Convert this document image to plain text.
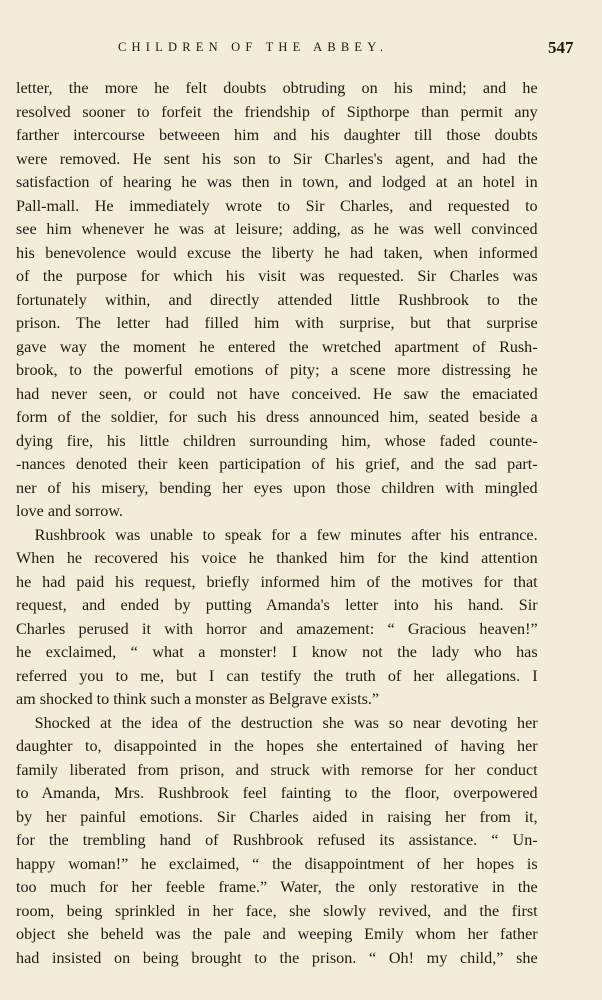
CHILDREN OF THE ABBEY.	547
letter, the more he felt doubts obtruding on his mind; and he
resolved sooner to forfeit the friendship of Sipthorpe than permit any
farther intercourse betweeen him and his daughter till those doubts
were removed. He sent his son to Sir Charles's agent, and had the
satisfaction of hearing he was then in town, and lodged at an hotel in
Pall-mall. He immediately wrote to Sir Charles, and requested to
see him whenever he was at leisure; adding, as he was well convinced
his benevolence would excuse the liberty he had taken, when informed
of the purpose for which his visit was requested. Sir Charles was
fortunately within, and directly attended little Rushbrook to the
prison. The letter had filled him with surprise, but that surprise
gave way the moment he entered the wretched apartment of Rush-
brook, to the powerful emotions of pity; a scene more distressing he
had never seen, or could not have conceived. He saw the emaciated
form of the soldier, for such his dress announced him, seated beside a
dying fire, his little children surrounding him, whose faded counte-
-nances denoted their keen participation of his grief, and the sad part-
ner of his misery, bending her eyes upon those children with mingled
love and sorrow.
Rushbrook was unable to speak for a few minutes after his entrance.
When he recovered his voice he thanked him for the kind attention
he had paid his request, briefly informed him of the motives for that
request, and ended by putting Amanda's letter into his hand. Sir
Charles perused it with horror and amazement: “ Gracious heaven!”
he exclaimed, “ what a monster! I know not the lady who has
referred you to me, but I can testify the truth of her allegations. I
am shocked to think such a monster as Belgrave exists.”
Shocked at the idea of the destruction she was so near devoting her
daughter to, disappointed in the hopes she entertained of having her
family liberated from prison, and struck with remorse for her conduct
to Amanda, Mrs. Rushbrook feel fainting to the floor, overpowered
by her painful emotions. Sir Charles aided in raising her from it,
for the trembling hand of Rushbrook refused its assistance. “ Un-
happy woman!” he exclaimed, “ the disappointment of her hopes is
too much for her feeble frame.” Water, the only restorative in the
room, being sprinkled in her face, she slowly revived, and the first
object she beheld was the pale and weeping Emily whom her father
had insisted on being brought to the prison. “ Oh! my child,” she
